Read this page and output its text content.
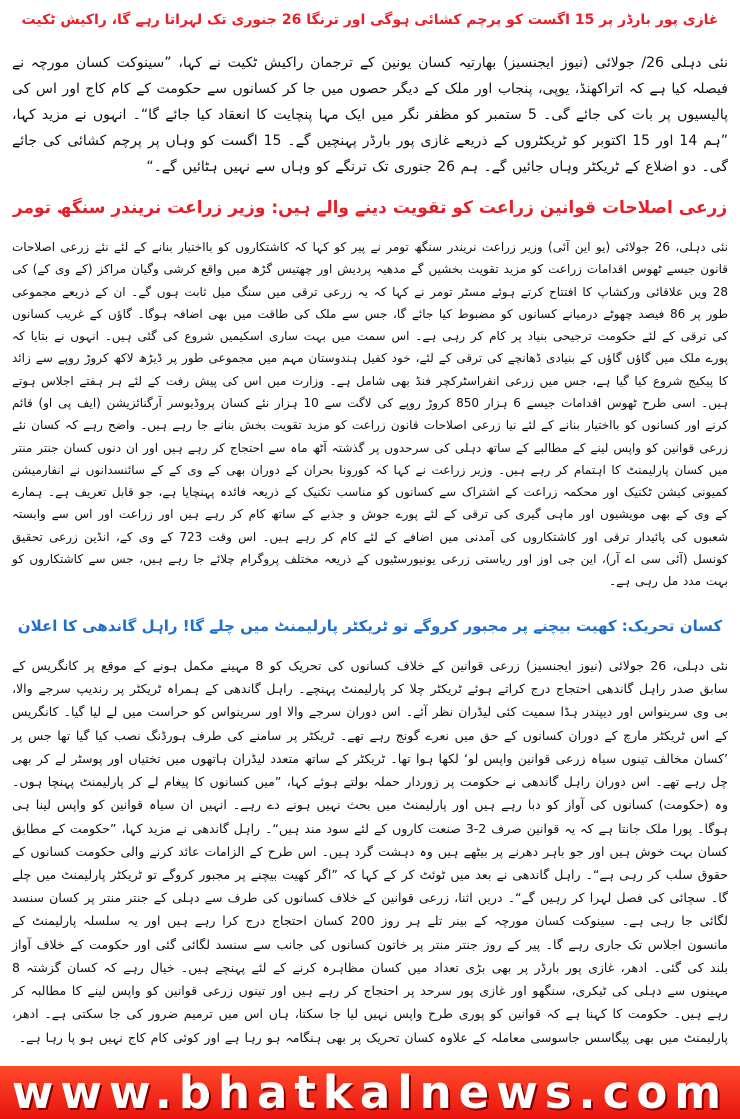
غازی پور بارڈر پر 15 اگست کو پرچم کشائی ہوگی اور ترنگا 26 جنوری تک لہراتا رہے گا، راکیش ٹکیت

نئی دہلی 26/ جولائی (نیوز ایجنسیز) بھارتیہ کسان یونین کے ترجمان راکیش ٹکیت نے کہا، ”سینوکت کسان مورچہ نے فیصلہ کیا ہے کہ اتراکھنڈ، یوپی، پنجاب اور ملک کے دیگر حصوں میں جا کر کسانوں سے حکومت کے کام کاج اور اس کی پالیسیوں پر بات کی جائے گی۔ 5 ستمبر کو مظفر نگر میں ایک مہا پنچایت کا انعقاد کیا جائے گا“۔ انہوں نے مزید کہا، ”ہم 14 اور 15 اکتوبر کو ٹریکٹروں کے ذریعے غازی پور بارڈر پہنچیں گے۔ 15 اگست کو وہاں پر پرچم کشائی کی جائے گی۔ دو اضلاع کے ٹریکٹر وہاں جائیں گے۔ ہم 26 جنوری تک ترنگے کو وہاں سے نہیں ہٹائیں گے۔“

زرعی اصلاحات قوانین زراعت کو تقویت دینے والے ہیں: وزیر زراعت نریندر سنگھ تومر

نئی دہلی، 26 جولائی (یو این آئی) وزیر زراعت نریندر سنگھ تومر نے پیر کو کہا کہ کاشتکاروں کو بااختیار بنانے کے لئے نئے زرعی اصلاحات قانون جیسے ٹھوس اقدامات زراعت کو مزید تقویت بخشیں گے مدھیہ پردیش اور چھتیس گڑھ میں واقع کرشی وگیان مراکز (کے وی کے) کی 28 ویں علاقائی ورکشاپ کا افتتاح کرتے ہوئے مسٹر تومر نے کہا کہ یہ زرعی ترقی میں سنگ میل ثابت ہوں گے۔ ان کے ذریعے مجموعی طور پر 86 فیصد چھوٹے درمیانے کسانوں کو مضبوط کیا جائے گا، جس سے ملک کی طاقت میں بھی اضافہ ہوگا۔ گاؤں کے غریب کسانوں کی ترقی کے لئے حکومت ترجیحی بنیاد پر کام کر رہی ہے۔ اس سمت میں بہت ساری اسکیمیں شروع کی گئی ہیں۔ انہوں نے بتایا کہ پورے ملک میں گاؤں گاؤں کے بنیادی ڈھانچے کی ترقی کے لئے، خود کفیل ہندوستان مہم میں مجموعی طور پر ڈیڑھ لاکھ کروڑ روپے سے زائد کا پیکیج شروع کیا گیا ہے، جس میں زرعی انفراسٹرکچر فنڈ بھی شامل ہے۔ وزارت میں اس کی پیش رفت کے لئے ہر ہفتے اجلاس ہوتے ہیں۔ اسی طرح ٹھوس اقدامات جیسے 6 ہزار 850 کروڑ روپے کی لاگت سے 10 ہزار نئے کسان پروڈیوسر آرگنائزیشن (ایف پی او) قائم کرنے اور کسانوں کو بااختیار بنانے کے لئے نیا زرعی اصلاحات قانون زراعت کو مزید تقویت بخش بنانے جا رہے ہیں۔ واضح رہے کہ کسان نئے زرعی قوانین کو واپس لینے کے مطالبے کے ساتھ دہلی کی سرحدوں پر گذشتہ آٹھ ماہ سے احتجاج کر رہے ہیں اور ان دنوں کسان جنتر منتر میں کسان پارلیمنٹ کا اہتمام کر رہے ہیں۔ وزیر زراعت نے کہا کہ کورونا بحران کے دوران بھی کے وی کے کے سائنسدانوں نے انفارمیشن کمیونی کیشن ٹکنیک اور محکمہ زراعت کے اشتراک سے کسانوں کو مناسب تکنیک کے ذریعہ فائدہ پہنچایا ہے، جو قابل تعریف ہے۔ ہمارے کے وی کے بھی مویشیوں اور ماہی گیری کی ترقی کے لئے پورے جوش و جذبے کے ساتھ کام کر رہے ہیں اور زراعت اور اس سے وابستہ شعبوں کی پائیدار ترقی اور کاشتکاروں کی آمدنی میں اضافے کے لئے کام کر رہے ہیں۔ اس وقت 723 کے وی کے، انڈین زرعی تحقیق کونسل (آئی سی اے آر)، این جی اوز اور ریاستی زرعی یونیورسٹیوں کے ذریعہ مختلف پروگرام چلائے جا رہے ہیں، جس سے کاشتکاروں کو بہت مدد مل رہی ہے۔

کسان تحریک: کھیت بیچنے پر مجبور کروگے تو ٹریکٹر پارلیمنٹ میں چلے گا! راہل گاندھی کا اعلان

نئی دہلی، 26 جولائی (نیوز ایجنسیز) زرعی قوانین کے خلاف کسانوں کی تحریک کو 8 مہینے مکمل ہونے کے موقع پر کانگریس کے سابق صدر راہل گاندھی احتجاج درج کراتے ہوئے ٹریکٹر چلا کر پارلیمنٹ پہنچے۔ راہل گاندھی کے ہمراہ ٹریکٹر پر رندیپ سرجے والا، بی وی سرینواس اور دیپندر ہڈا سمیت کئی لیڈران نظر آئے۔ اس دوران سرجے والا اور سرینواس کو حراست میں لے لیا گیا۔ کانگریس کے اس ٹریکٹر مارچ کے دوران کسانوں کے حق میں نعرے گونج رہے تھے۔ ٹریکٹر پر سامنے کی طرف ہورڈنگ نصب کیا گیا تھا جس پر ’کسان مخالف تینوں سیاہ زرعی قوانین واپس لو‘ لکھا ہوا تھا۔ ٹریکٹر کے ساتھ متعدد لیڈران ہاتھوں میں تختیاں اور پوسٹر لے کر بھی چل رہے تھے۔ اس دوران راہل گاندھی نے حکومت پر زوردار حملہ بولتے ہوئے کہا، ”میں کسانوں کا پیغام لے کر پارلیمنٹ پہنچا ہوں۔ وہ (حکومت) کسانوں کی آواز کو دبا رہے ہیں اور پارلیمنٹ میں بحث نہیں ہونے دے رہے۔ انہیں ان سیاہ قوانین کو واپس لینا ہی ہوگا۔ پورا ملک جانتا ہے کہ یہ قوانین صرف 2-3 صنعت کاروں کے لئے سود مند ہیں“۔ راہل گاندھی نے مزید کہا، ”حکومت کے مطابق کسان بہت خوش ہیں اور جو باہر دھرنے پر بیٹھے ہیں وہ دہشت گرد ہیں۔ اس طرح کے الزامات عائد کرنے والی حکومت کسانوں کے حقوق سلب کر رہی ہے“۔ راہل گاندھی نے بعد میں ٹوئٹ کر کے کہا کہ ”اگر کھیت بیچنے پر مجبور کروگے تو ٹریکٹر پارلیمنٹ میں چلے گا۔ سچائی کی فصل لہرا کر رہیں گے“۔ دریں اثنا، زرعی قوانین کے خلاف کسانوں کی طرف سے دہلی کے جنتر منتر پر کسان سنسد لگائی جا رہی ہے۔ سینوکت کسان مورچہ کے بینر تلے ہر روز 200 کسان احتجاج درج کرا رہے ہیں اور یہ سلسلہ پارلیمنٹ کے مانسون اجلاس تک جاری رہے گا۔ پیر کے روز جنتر منتر پر خاتون کسانوں کی جانب سے سنسد لگائی گئی اور حکومت کے خلاف آواز بلند کی گئی۔ ادھر، غازی پور بارڈر پر بھی بڑی تعداد میں کسان مظاہرہ کرنے کے لئے پہنچے ہیں۔ خیال رہے کہ کسان گزشتہ 8 مہینوں سے دہلی کی ٹیکری، سنگھو اور غازی پور سرحد پر احتجاج کر رہے ہیں اور تینوں زرعی قوانین کو واپس لینے کا مطالبہ کر رہے ہیں۔ حکومت کا کہنا ہے کہ قوانین کو پوری طرح واپس نہیں لیا جا سکتا، ہاں اس میں ترمیم ضرور کی جا سکتی ہے۔ ادھر، پارلیمنٹ میں بھی پیگاسس جاسوسی معاملہ کے علاوہ کسان تحریک پر بھی ہنگامہ ہو رہا ہے اور کوئی کام کاج نہیں ہو پا رہا ہے۔

www.bhatkalnews.com
